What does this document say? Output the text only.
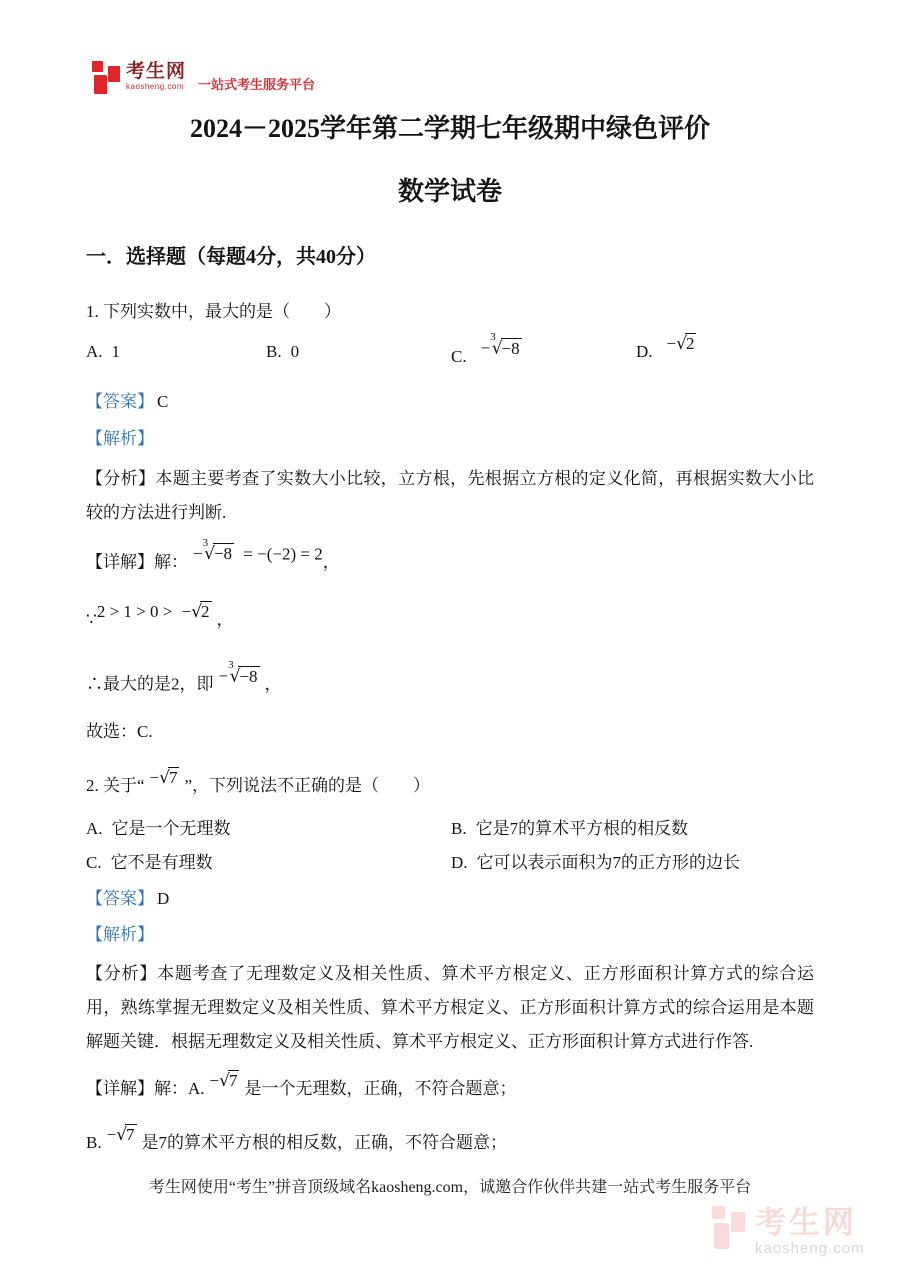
考生网
kaosheng.com 一站式考生服务平台
2024－2025学年第二学期七年级期中绿色评价
数学试卷
一．选择题（每题4分，共40分）

1. 下列实数中，最大的是（　　）

A. 1	B. 0	C. −$^3$√−8	D. −√2

【答案】 C

【解析】

【分析】本题主要考查了实数大小比较，立方根，先根据立方根的定义化简，再根据实数大小比较的方法进行判断.

【详解】解： −$^3$√−8 = −(−2) = 2，

∵2 > 1 > 0 > −√2 ，

∴最大的是2，即 −$^3$√−8 ，

故选：C.

2. 关于“ −√7 ”，下列说法不正确的是（　　）

A. 它是一个无理数	B. 它是7的算术平方根的相反数
C. 它不是有理数	D. 它可以表示面积为7的正方形的边长

【答案】 D

【解析】

【分析】本题考查了无理数定义及相关性质、算术平方根定义、正方形面积计算方式的综合运用，熟练掌握无理数定义及相关性质、算术平方根定义、正方形面积计算方式的综合运用是本题解题关键．根据无理数定义及相关性质、算术平方根定义、正方形面积计算方式进行作答.

【详解】解：A. −√7 是一个无理数，正确，不符合题意；

B. −√7 是7的算术平方根的相反数，正确，不符合题意；

考生网使用“考生”拼音顶级域名kaosheng.com，诚邀合作伙伴共建一站式考生服务平台
考生网
kaosheng.com
